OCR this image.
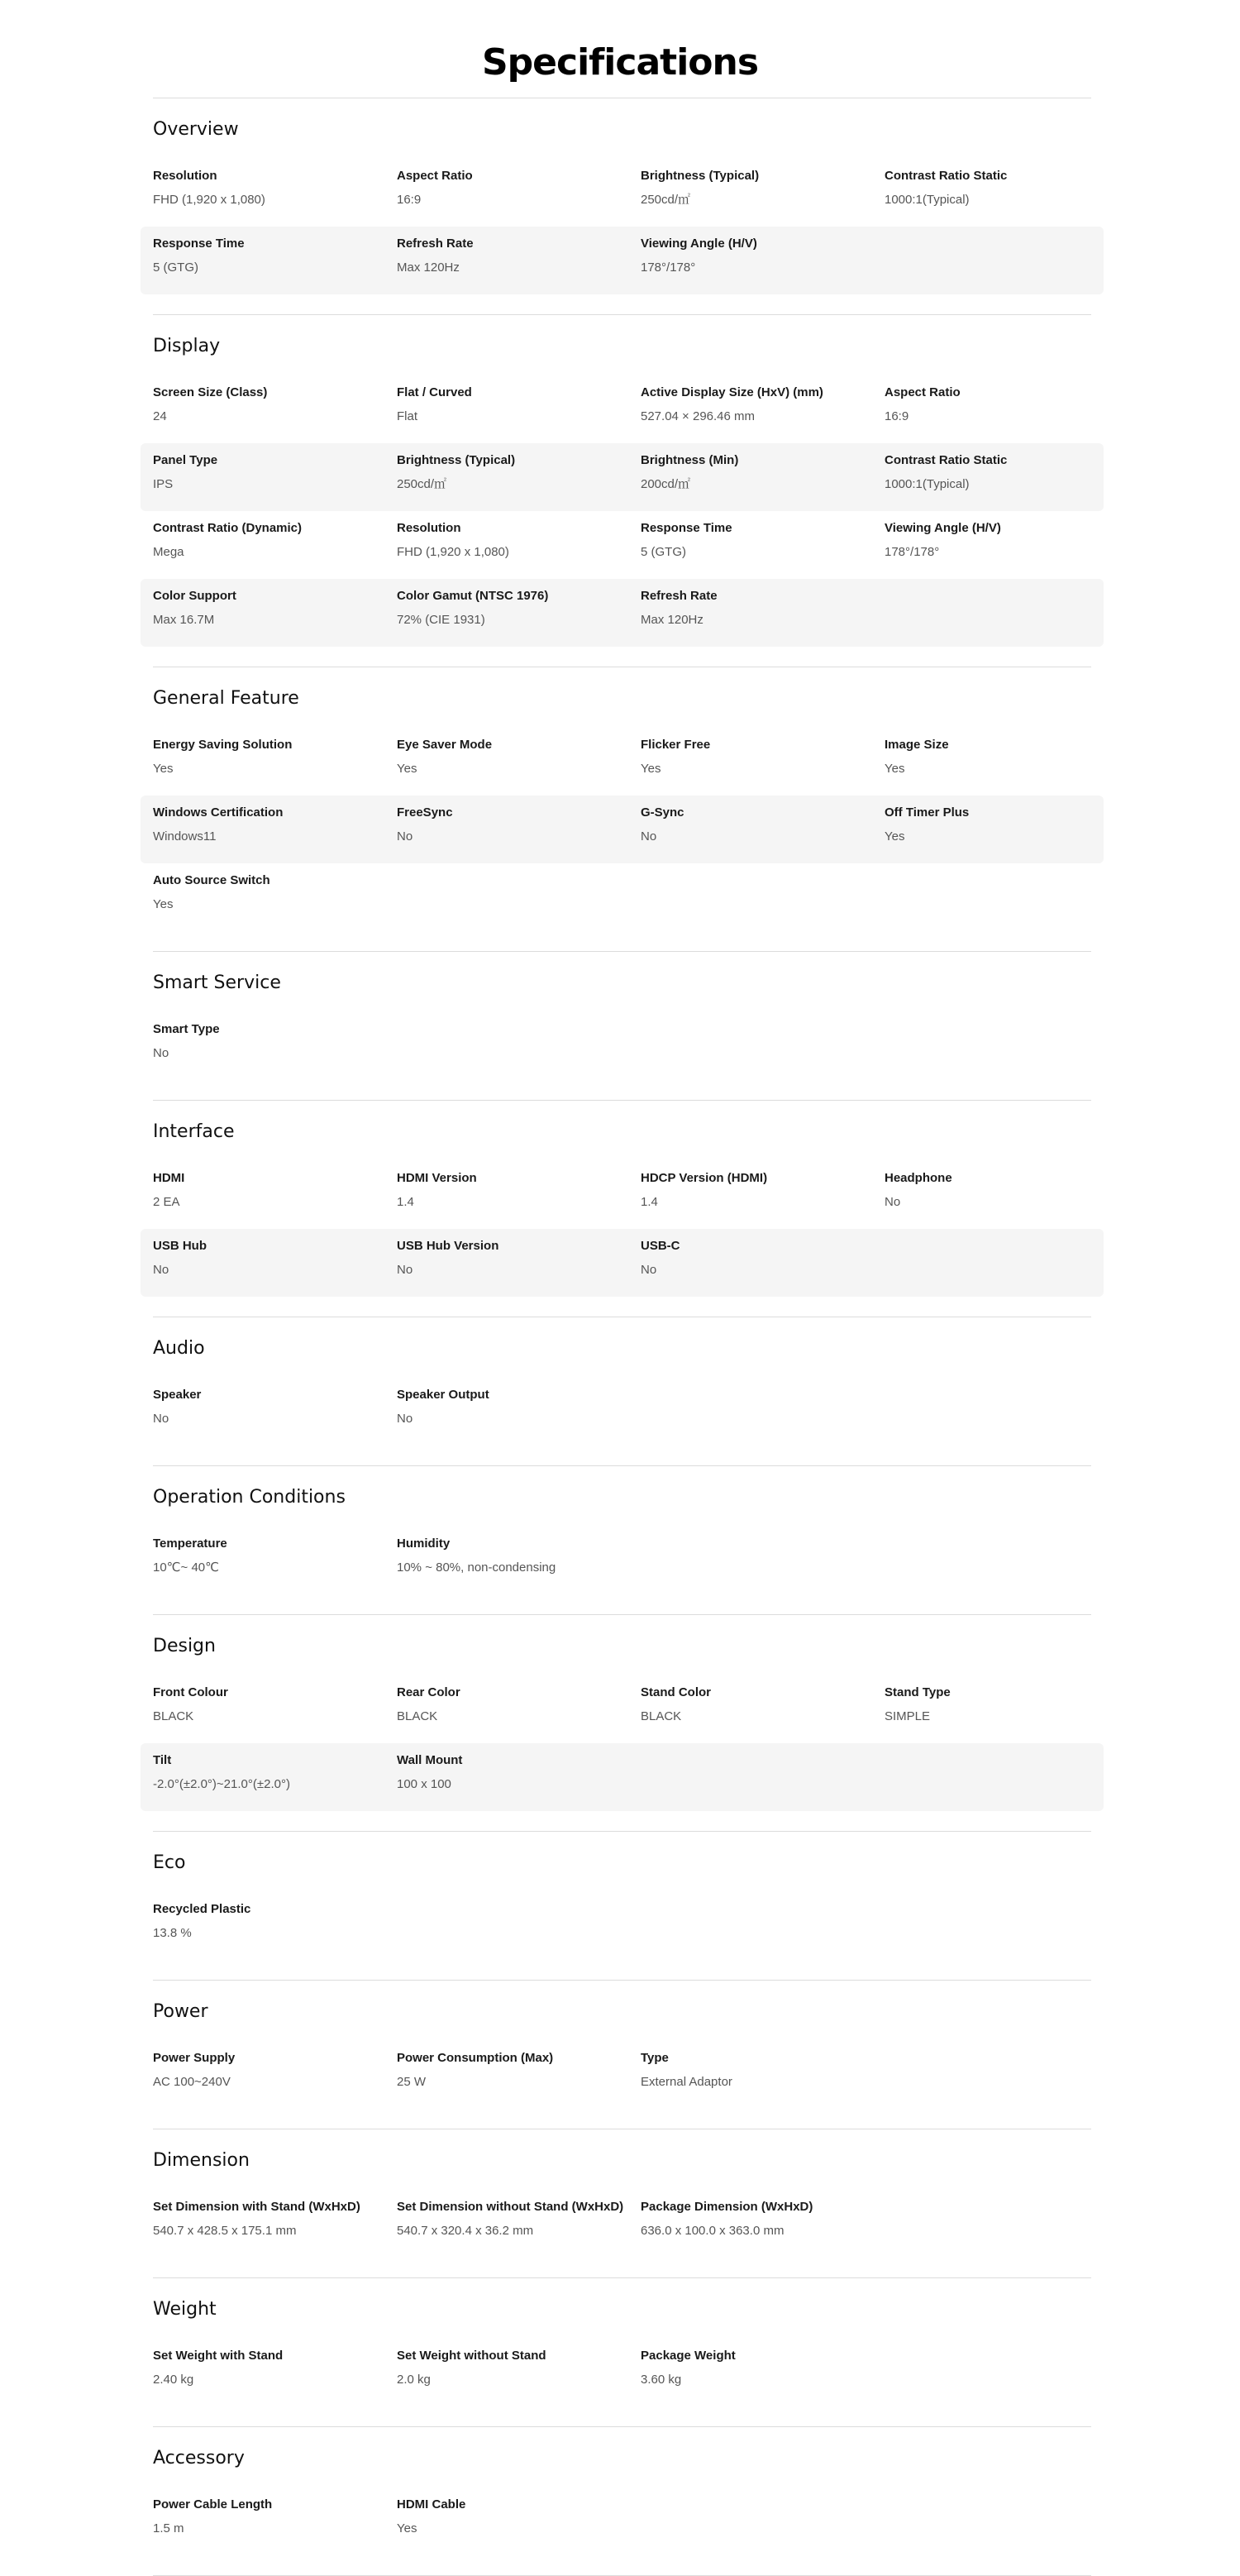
Specifications
Overview
Resolution
FHD (1,920 x 1,080)
Aspect Ratio
16:9
Brightness (Typical)
250cd/㎡
Contrast Ratio Static
1000:1(Typical)
Response Time
5 (GTG)
Refresh Rate
Max 120Hz
Viewing Angle (H/V)
178°/178°
Display
Screen Size (Class)
24
Flat / Curved
Flat
Active Display Size (HxV) (mm)
527.04 × 296.46 mm
Aspect Ratio
16:9
Panel Type
IPS
Brightness (Typical)
250cd/㎡
Brightness (Min)
200cd/㎡
Contrast Ratio Static
1000:1(Typical)
Contrast Ratio (Dynamic)
Mega
Resolution
FHD (1,920 x 1,080)
Response Time
5 (GTG)
Viewing Angle (H/V)
178°/178°
Color Support
Max 16.7M
Color Gamut (NTSC 1976)
72% (CIE 1931)
Refresh Rate
Max 120Hz
General Feature
Energy Saving Solution
Yes
Eye Saver Mode
Yes
Flicker Free
Yes
Image Size
Yes
Windows Certification
Windows11
FreeSync
No
G-Sync
No
Off Timer Plus
Yes
Auto Source Switch
Yes
Smart Service
Smart Type
No
Interface
HDMI
2 EA
HDMI Version
1.4
HDCP Version (HDMI)
1.4
Headphone
No
USB Hub
No
USB Hub Version
No
USB-C
No
Audio
Speaker
No
Speaker Output
No
Operation Conditions
Temperature
10℃~ 40℃
Humidity
10% ~ 80%, non-condensing
Design
Front Colour
BLACK
Rear Color
BLACK
Stand Color
BLACK
Stand Type
SIMPLE
Tilt
-2.0°(±2.0°)~21.0°(±2.0°)
Wall Mount
100 x 100
Eco
Recycled Plastic
13.8 %
Power
Power Supply
AC 100~240V
Power Consumption (Max)
25 W
Type
External Adaptor
Dimension
Set Dimension with Stand (WxHxD)
540.7 x 428.5 x 175.1 mm
Set Dimension without Stand (WxHxD)
540.7 x 320.4 x 36.2 mm
Package Dimension (WxHxD)
636.0 x 100.0 x 363.0 mm
Weight
Set Weight with Stand
2.40 kg
Set Weight without Stand
2.0 kg
Package Weight
3.60 kg
Accessory
Power Cable Length
1.5 m
HDMI Cable
Yes
